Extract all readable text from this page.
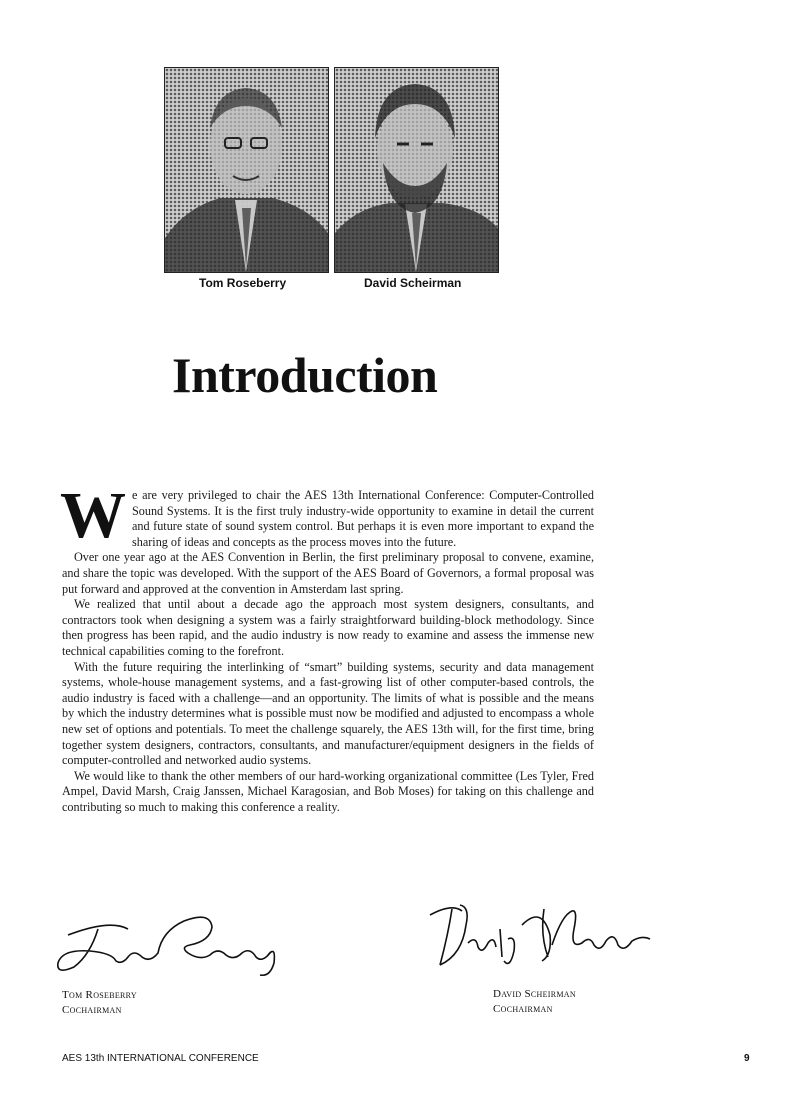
Tom Roseberry	David Scheirman
Introduction

We are very privileged to chair the AES 13th International Conference: Computer-Controlled Sound Systems. It is the first truly industry-wide opportunity to examine in detail the current and future state of sound system control. But perhaps it is even more important to expand the sharing of ideas and concepts as the process moves into the future.

Over one year ago at the AES Convention in Berlin, the first preliminary proposal to convene, examine, and share the topic was developed. With the support of the AES Board of Governors, a formal proposal was put forward and approved at the convention in Amsterdam last spring.

We realized that until about a decade ago the approach most system designers, consultants, and contractors took when designing a system was a fairly straightforward building-block methodology. Since then progress has been rapid, and the audio industry is now ready to examine and assess the immense new technical capabilities coming to the forefront.

With the future requiring the interlinking of “smart” building systems, security and data management systems, whole-house management systems, and a fast-growing list of other computer-based controls, the audio industry is faced with a challenge—and an opportunity. The limits of what is possible and the means by which the industry determines what is possible must now be modified and adjusted to encompass a whole new set of options and potentials. To meet the challenge squarely, the AES 13th will, for the first time, bring together system designers, contractors, consultants, and manufacturer/equipment designers in the fields of computer-controlled and networked audio systems.

We would like to thank the other members of our hard-working organizational committee (Les Tyler, Fred Ampel, David Marsh, Craig Janssen, Michael Karagosian, and Bob Moses) for taking on this challenge and contributing so much to making this conference a reality.

Tom Roseberry
Cochairman
David Scheirman
Cochairman
AES 13th INTERNATIONAL CONFERENCE	9
